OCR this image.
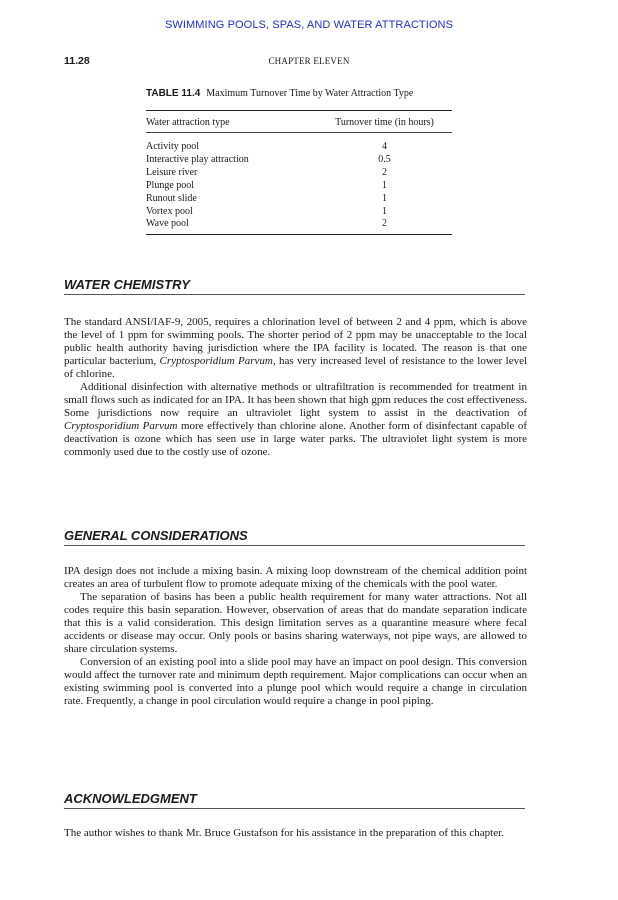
SWIMMING POOLS, SPAS, AND WATER ATTRACTIONS
11.28	CHAPTER ELEVEN
TABLE 11.4 Maximum Turnover Time by Water Attraction Type
Water attraction type	Turnover time (in hours)
Activity pool	4
Interactive play attraction	0.5
Leisure river	2
Plunge pool	1
Runout slide	1
Vortex pool	1
Wave pool	2
WATER CHEMISTRY

The standard ANSI/IAF-9, 2005, requires a chlorination level of between 2 and 4 ppm, which is above the level of 1 ppm for swimming pools. The shorter period of 2 ppm may be unacceptable to the local public health authority having jurisdiction where the IPA facility is located. The reason is that one particular bacterium, Cryptosporidium Parvum, has very increased level of resistance to the lower level of chlorine.

Additional disinfection with alternative methods or ultrafiltration is recommended for treatment in small flows such as indicated for an IPA. It has been shown that high gpm reduces the cost effectiveness. Some jurisdictions now require an ultraviolet light system to assist in the deactivation of Cryptosporidium Parvum more effectively than chlorine alone. Another form of disinfectant capable of deactivation is ozone which has seen use in large water parks. The ultraviolet light system is more commonly used due to the costly use of ozone.

GENERAL CONSIDERATIONS

IPA design does not include a mixing basin. A mixing loop downstream of the chemical addition point creates an area of turbulent flow to promote adequate mixing of the chemicals with the pool water.

The separation of basins has been a public health requirement for many water attractions. Not all codes require this basin separation. However, observation of areas that do mandate separation indicate that this is a valid consideration. This design limitation serves as a quarantine measure where fecal accidents or disease may occur. Only pools or basins sharing waterways, not pipe ways, are allowed to share circulation systems.

Conversion of an existing pool into a slide pool may have an impact on pool design. This conversion would affect the turnover rate and minimum depth requirement. Major complications can occur when an existing swimming pool is converted into a plunge pool which would require a change in circulation rate. Frequently, a change in pool circulation would require a change in pool piping.

ACKNOWLEDGMENT

The author wishes to thank Mr. Bruce Gustafson for his assistance in the preparation of this chapter.
